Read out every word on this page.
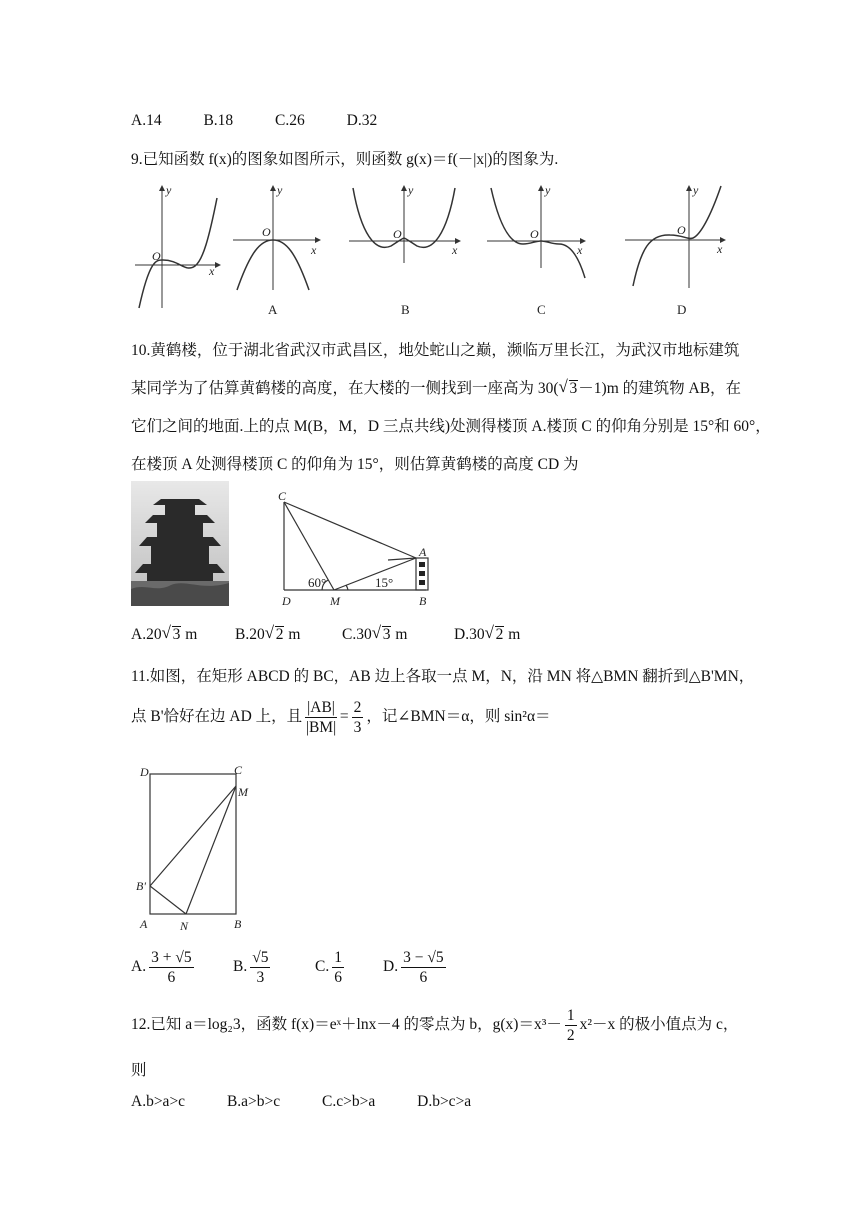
A.14	B.18	C.26	D.32
9.已知函数 f(x)的图象如图所示，则函数 g(x)＝f(－|x|)的图象为.
y
x
O
y
x
O
y
x
O
y
x
O
y
x
O
A	B	C	D
10.黄鹤楼，位于湖北省武汉市武昌区，地处蛇山之巅，濒临万里长江，为武汉市地标建筑
某同学为了估算黄鹤楼的高度，在大楼的一侧找到一座高为 30( √ 3－1)m 的建筑物 AB，在
它们之间的地面.上的点 M(B，M，D 三点共线)处测得楼顶 A.楼顶 C 的仰角分别是 15°和 60°，
在楼顶 A 处测得楼顶 C 的仰角为 15°，则估算黄鹤楼的高度 CD 为
C
A
D	M	B
60°	15°
A.20 √ 3 m B.20 √ 2 m	C.30 √ 3 m	D.30 √ 2 m
11.如图，在矩形 ABCD 的 BC，AB 边上各取一点 M，N，沿 MN 将△BMN 翻折到△B'MN，
点 B'恰好在边 AD 上，且 $\frac{|AB|}{|BM|} = \frac{2}{3}$ ，记∠BMN＝α，则 sin²α＝
D	C
M
B'
A	N	B
A. $\frac{3 + √5}{6}$	B. $\frac{√5}{3}$	C. $\frac{1}{6}$	D. $\frac{3 - √5}{6}$
12.已知 a＝log₂3，函数 f(x)＝eˣ＋lnx－4 的零点为 b，$g(x)=x^3- \frac{1}{2} x^2-x$ 的极小值点为 c，
则
A.b>a>c	B.a>b>c	C.c>b>a	D.b>c>a
